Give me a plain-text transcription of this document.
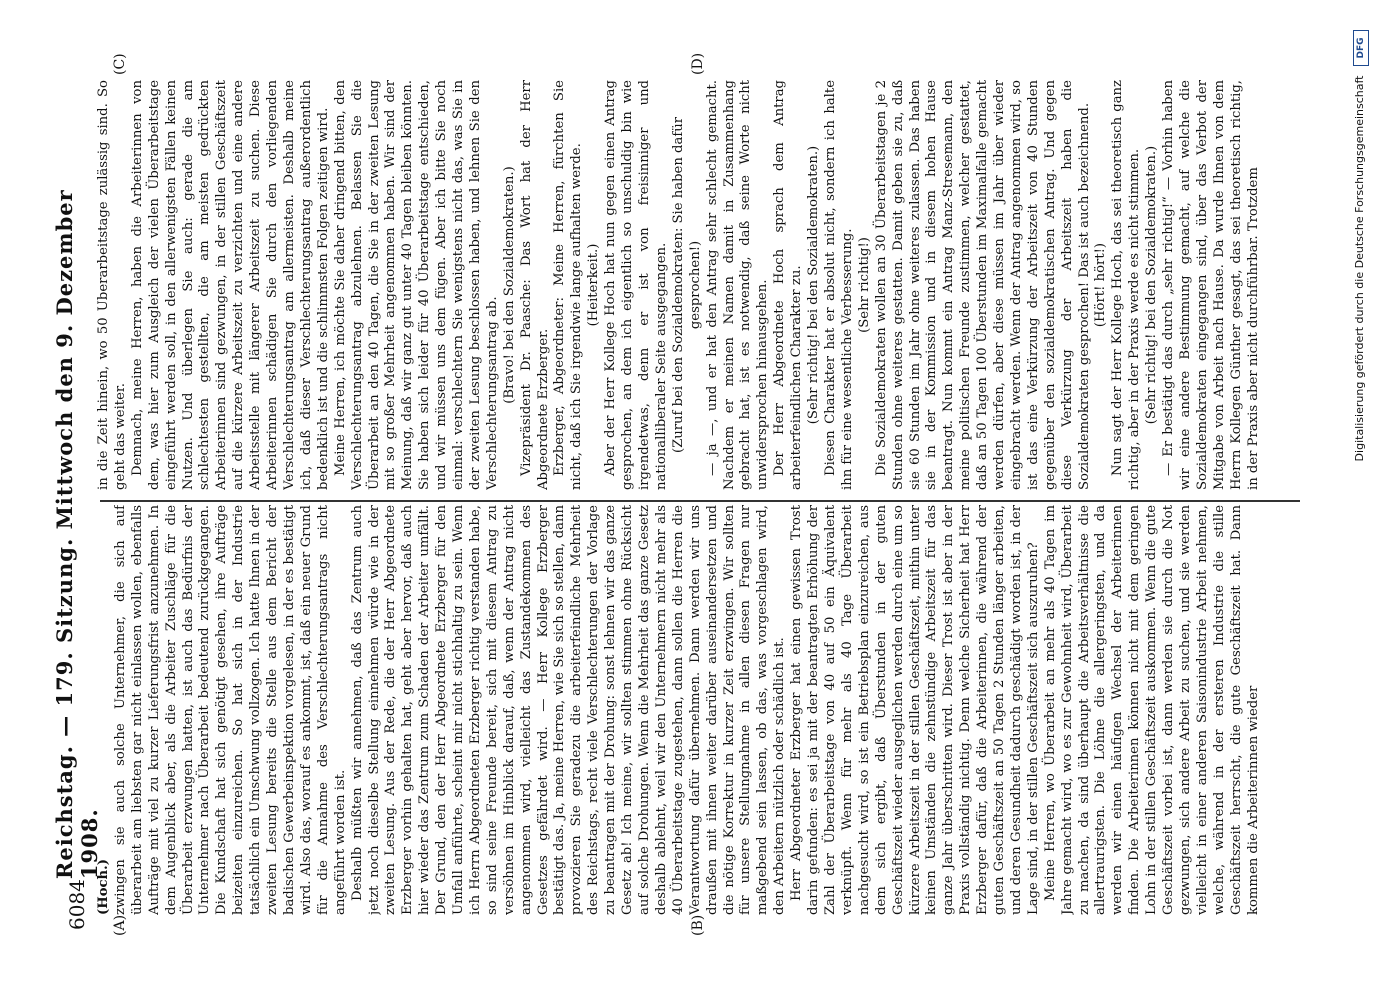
6084
Reichstag. — 179. Sitzung. Mittwoch den 9. Dezember 1908.
(A)	(B)
(C)	(D)

(Hoch.) zwingen sie auch solche Unternehmer, die sich auf überarbeit am liebsten gar nicht einlassen wollen, ebenfalls Aufträge mit viel zu kurzer Lieferungsfrist anzunehmen. In dem Augenblick aber, als die Arbeiter Zuschläge für die Überarbeit erzwungen hatten, ist auch das Bedürfnis der Unternehmer nach Überarbeit bedeutend zurückgegangen. Die Kundschaft hat sich genötigt gesehen, ihre Aufträge beizeiten einzureichen. So hat sich in der Industrie tatsächlich ein Umschwung vollzogen. Ich hatte Ihnen in der zweiten Lesung bereits die Stelle aus dem Bericht der badischen Gewerbeinspektion vorgelesen, in der es bestätigt wird. Also das, worauf es ankommt, ist, daß ein neuer Grund für die Annahme des Verschlechterungsantrags nicht angeführt worden ist. Deshalb müßten wir annehmen, daß das Zentrum auch jetzt noch dieselbe Stellung einnehmen würde wie in der zweiten Lesung. Aus der Rede, die der Herr Abgeordnete Erzberger vorhin gehalten hat, geht aber hervor, daß auch hier wieder das Zentrum zum Schaden der Arbeiter umfällt. Der Grund, den der Herr Abgeordnete Erzberger für den Umfall anführte, scheint mir nicht stichhaltig zu sein. Wenn ich Herrn Abgeordneten Erzberger richtig verstanden habe, so sind seine Freunde bereit, sich mit diesem Antrag zu versöhnen im Hinblick darauf, daß, wenn der Antrag nicht angenommen wird, vielleicht das Zustandekommen des Gesetzes gefährdet wird. — Herr Kollege Erzberger bestätigt das. Ja, meine Herren, wie Sie sich so stellen, dann provozieren Sie geradezu die arbeiterfeindliche Mehrheit des Reichstags, recht viele Verschlechterungen der Vorlage zu beantragen mit der Drohung: sonst lehnen wir das ganze Gesetz ab! Ich meine, wir sollten stimmen ohne Rücksicht auf solche Drohungen. Wenn die Mehrheit das ganze Gesetz deshalb ablehnt, weil wir den Unternehmern nicht mehr als 40 Überarbeitstage zugestehen, dann sollen die Herren die Verantwortung dafür übernehmen. Dann werden wir uns draußen mit ihnen weiter darüber auseinandersetzen und die nötige Korrektur in kurzer Zeit erzwingen. Wir sollten für unsere Stellungnahme in allen diesen Fragen nur maßgebend sein lassen, ob das, was vorgeschlagen wird, den Arbeitern nützlich oder schädlich ist. Herr Abgeordneter Erzberger hat einen gewissen Trost darin gefunden: es sei ja mit der beantragten Erhöhung der Zahl der Überarbeitstage von 40 auf 50 ein Äquivalent verknüpft. Wenn für mehr als 40 Tage Überarbeit nachgesucht wird, so ist ein Betriebsplan einzureichen, aus dem sich ergibt, daß Überstunden in der guten Geschäftszeit wieder ausgeglichen werden durch eine um so kürzere Arbeitszeit in der stillen Geschäftszeit, mithin unter keinen Umständen die zehnstündige Arbeitszeit für das ganze Jahr überschritten wird. Dieser Trost ist aber in der Praxis vollständig nichtig. Denn welche Sicherheit hat Herr Erzberger dafür, daß die Arbeiterinnen, die während der guten Geschäftszeit an 50 Tagen 2 Stunden länger arbeiten, und deren Gesundheit dadurch geschädigt worden ist, in der Lage sind, in der stillen Geschäftszeit sich auszuruhen? Meine Herren, wo Überarbeit an mehr als 40 Tagen im Jahre gemacht wird, wo es zur Gewohnheit wird, Überarbeit zu machen, da sind überhaupt die Arbeitsverhältnisse die allertraurigsten. Die Löhne die allergeringsten, und da werden wir einen häufigen Wechsel der Arbeiterinnen finden. Die Arbeiterinnen können nicht mit dem geringen Lohn in der stillen Geschäftszeit auskommen. Wenn die gute Geschäftszeit vorbei ist, dann werden sie durch die Not gezwungen, sich andere Arbeit zu suchen, und sie werden vielleicht in einer anderen Saisonindustrie Arbeit nehmen, welche, während in der ersteren Industrie die stille Geschäftszeit herrscht, die gute Geschäftszeit hat. Dann kommen die Arbeiterinnen wieder

in die Zeit hinein, wo 50 Überarbeitstage zulässig sind. So geht das weiter. Demnach, meine Herren, haben die Arbeiterinnen von dem, was hier zum Ausgleich der vielen Überarbeitstage eingeführt werden soll, in den allerwenigsten Fällen keinen Nutzen. Und überlegen Sie auch: gerade die am schlechtesten gestellten, die am meisten gedrückten Arbeiterinnen sind gezwungen, in der stillen Geschäftszeit auf die kürzere Arbeitszeit zu verzichten und eine andere Arbeitsstelle mit längerer Arbeitszeit zu suchen. Diese Arbeiterinnen schädigen Sie durch den vorliegenden Verschlechterungsantrag am allermeisten. Deshalb meine ich, daß dieser Verschlechterungsantrag außerordentlich bedenklich ist und die schlimmsten Folgen zeitigen wird. Meine Herren, ich möchte Sie daher dringend bitten, den Verschlechterungsantrag abzulehnen. Belassen Sie die Überarbeit an den 40 Tagen, die Sie in der zweiten Lesung mit so großer Mehrheit angenommen haben. Wir sind der Meinung, daß wir ganz gut unter 40 Tagen bleiben könnten. Sie haben sich leider für 40 Überarbeitstage entschieden, und wir müssen uns dem fügen. Aber ich bitte Sie noch einmal: verschlechtern Sie wenigstens nicht das, was Sie in der zweiten Lesung beschlossen haben, und lehnen Sie den Verschlechterungsantrag ab. (Bravo! bei den Sozialdemokraten.) Vizepräsident Dr. Paasche: Das Wort hat der Herr Abgeordnete Erzberger. Erzberger, Abgeordneter: Meine Herren, fürchten Sie nicht, daß ich Sie irgendwie lange aufhalten werde. (Heiterkeit.) Aber der Herr Kollege Hoch hat nun gegen einen Antrag gesprochen, an dem ich eigentlich so unschuldig bin wie irgendetwas, denn er ist von freisinniger und nationalliberaler Seite ausgegangen. (Zuruf bei den Sozialdemokraten: Sie haben dafür gesprochen!) — ja —, und er hat den Antrag sehr schlecht gemacht. Nachdem er meinen Namen damit in Zusammenhang gebracht hat, ist es notwendig, daß seine Worte nicht unwidersprochen hinausgehen. Der Herr Abgeordnete Hoch sprach dem Antrag arbeiterfeindlichen Charakter zu. (Sehr richtig! bei den Sozialdemokraten.) Diesen Charakter hat er absolut nicht, sondern ich halte ihn für eine wesentliche Verbesserung. (Sehr richtig!) Die Sozialdemokraten wollen an 30 Überarbeitstagen je 2 Stunden ohne weiteres gestatten. Damit geben sie zu, daß sie 60 Stunden im Jahr ohne weiteres zulassen. Das haben sie in der Kommission und in diesem hohen Hause beantragt. Nun kommt ein Antrag Manz-Stresemann, den meine politischen Freunde zustimmen, welcher gestattet, daß an 50 Tagen 100 Überstunden im Maximalfalle gemacht werden dürfen, aber diese müssen im Jahr über wieder eingebracht werden. Wenn der Antrag angenommen wird, so ist das eine Verkürzung der Arbeitszeit von 40 Stunden gegenüber den sozialdemokratischen Antrag. Und gegen diese Verkürzung der Arbeitszeit haben die Sozialdemokraten gesprochen! Das ist auch bezeichnend. (Hört! hört!) Nun sagt der Herr Kollege Hoch, das sei theoretisch ganz richtig, aber in der Praxis werde es nicht stimmen. (Sehr richtig! bei den Sozialdemokraten.) — Er bestätigt das durch „sehr richtig!“ — Vorhin haben wir eine andere Bestimmung gemacht, auf welche die Sozialdemokraten eingegangen sind, über das Verbot der Mitgabe von Arbeit nach Hause. Da wurde Ihnen von dem Herrn Kollegen Günther gesagt, das sei theoretisch richtig, in der Praxis aber nicht durchführbar. Trotzdem	Digitalisierung gefördert durch die Deutsche Forschungsgemeinschaft DFG
